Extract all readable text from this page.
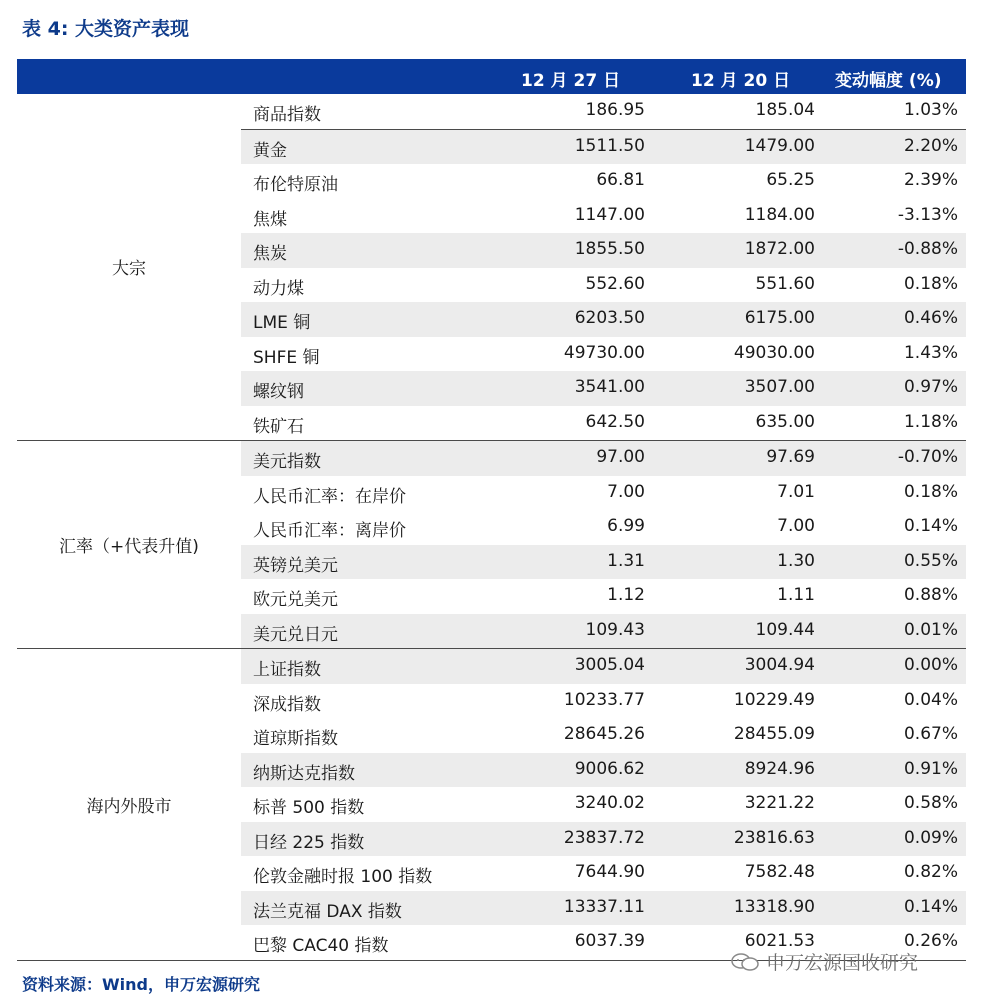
表 4: 大类资产表现
12 月 27 日	12 月 20 日	变动幅度 (%)
大宗
商品指数	186.95	185.04	1.03%
黄金	1511.50	1479.00	2.20%
布伦特原油	66.81	65.25	2.39%
焦煤	1147.00	1184.00	-3.13%
焦炭	1855.50	1872.00	-0.88%
动力煤	552.60	551.60	0.18%
LME 铜	6203.50	6175.00	0.46%
SHFE 铜	49730.00	49030.00	1.43%
螺纹钢	3541.00	3507.00	0.97%
铁矿石	642.50	635.00	1.18%
汇率（+代表升值)
美元指数	97.00	97.69	-0.70%
人民币汇率：在岸价	7.00	7.01	0.18%
人民币汇率：离岸价	6.99	7.00	0.14%
英镑兑美元	1.31	1.30	0.55%
欧元兑美元	1.12	1.11	0.88%
美元兑日元	109.43	109.44	0.01%
海内外股市
上证指数	3005.04	3004.94	0.00%
深成指数	10233.77	10229.49	0.04%
道琼斯指数	28645.26	28455.09	0.67%
纳斯达克指数	9006.62	8924.96	0.91%
标普 500 指数	3240.02	3221.22	0.58%
日经 225 指数	23837.72	23816.63	0.09%
伦敦金融时报 100 指数	7644.90	7582.48	0.82%
法兰克福 DAX 指数	13337.11	13318.90	0.14%
巴黎 CAC40 指数	6037.39	6021.53	0.26%
资料来源：Wind，申万宏源研究
申万宏源国收研究
